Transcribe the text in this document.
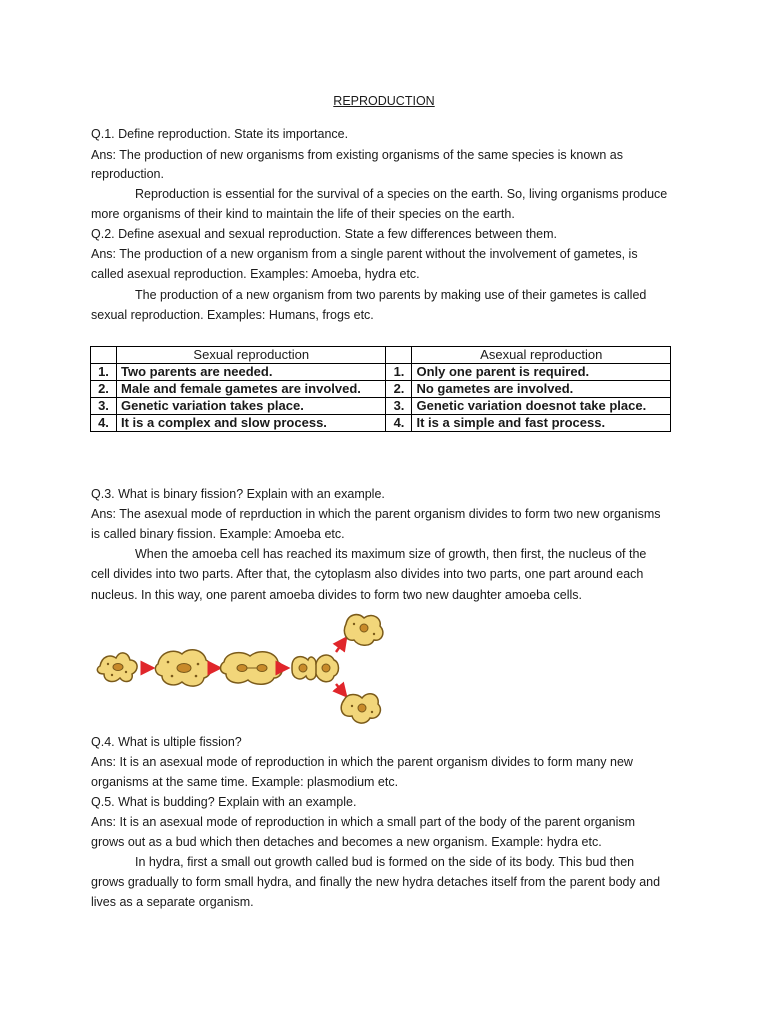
REPRODUCTION
Q.1. Define reproduction. State its importance.
Ans: The production of new organisms from existing organisms of the same species is known as
reproduction.
Reproduction is essential for the survival of a species on the earth. So, living organisms produce
more organisms of their kind to maintain the life of their species on the earth.
Q.2. Define asexual and sexual reproduction. State a few differences between them.
Ans: The production of a new organism from a single parent without the involvement of gametes, is
called asexual reproduction. Examples: Amoeba, hydra etc.
The production of a new organism from two parents by making use of their gametes is called
sexual reproduction. Examples: Humans, frogs etc.
	Sexual reproduction		Asexual reproduction
1.	Two parents are needed.	1.	Only one parent is required.
2.	Male and female gametes are involved.	2.	No gametes are involved.
3.	Genetic variation takes place.	3.	Genetic variation doesnot take place.
4.	It is a complex and slow process.	4.	It is a simple and fast process.
Q.3. What is binary fission? Explain with an example.
Ans: The asexual mode of reprduction in which the parent organism divides to form two new organisms
is called binary fission. Example: Amoeba etc.
When the amoeba cell has reached its maximum size of growth, then first, the nucleus of the
cell divides into two parts. After that, the cytoplasm also divides into two parts, one part around each
nucleus. In this way, one parent amoeba divides to form two new daughter amoeba cells.
Q.4. What is ultiple fission?
Ans: It is an asexual mode of reproduction in which the parent organism divides to form many new
organisms at the same time. Example: plasmodium etc.
Q.5. What is budding? Explain with an example.
Ans: It is an asexual mode of reproduction in which a small part of the body of the parent organism
grows out as a bud which then detaches and becomes a new organism. Example: hydra etc.
In hydra, first a small out growth called bud is formed on the side of its body. This bud then
grows gradually to form small hydra, and finally the new hydra detaches itself from the parent body and
lives as a separate organism.
